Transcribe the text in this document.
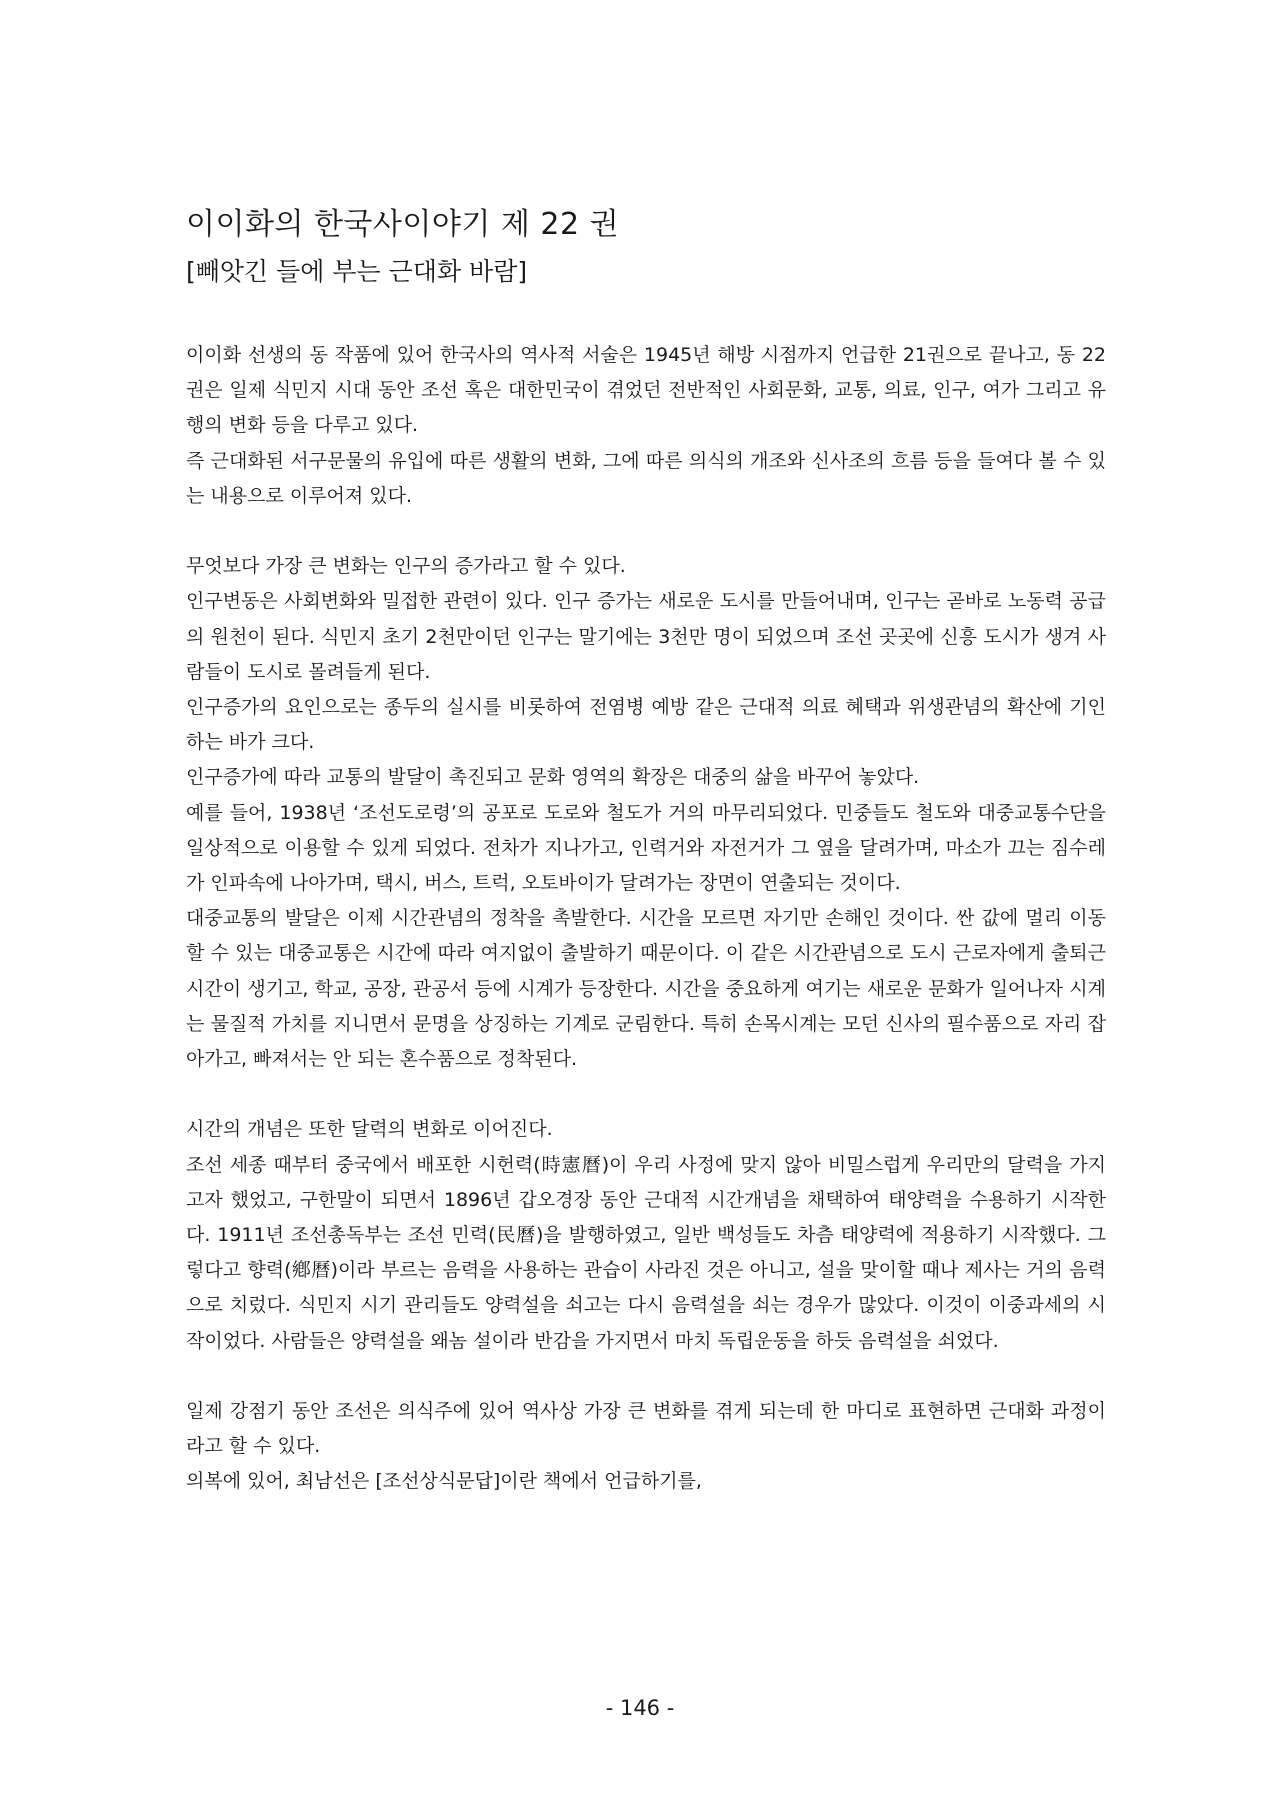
이이화의 한국사이야기 제 22 권
[빼앗긴 들에 부는 근대화 바람]

이이화 선생의 동 작품에 있어 한국사의 역사적 서술은 1945년 해방 시점까지 언급한 21권으로 끝나고, 동 22권은 일제 식민지 시대 동안 조선 혹은 대한민국이 겪었던 전반적인 사회문화, 교통, 의료, 인구, 여가 그리고 유행의 변화 등을 다루고 있다.

즉 근대화된 서구문물의 유입에 따른 생활의 변화, 그에 따른 의식의 개조와 신사조의 흐름 등을 들여다 볼 수 있는 내용으로 이루어져 있다.

무엇보다 가장 큰 변화는 인구의 증가라고 할 수 있다.

인구변동은 사회변화와 밀접한 관련이 있다. 인구 증가는 새로운 도시를 만들어내며, 인구는 곧바로 노동력 공급의 원천이 된다. 식민지 초기 2천만이던 인구는 말기에는 3천만 명이 되었으며 조선 곳곳에 신흥 도시가 생겨 사람들이 도시로 몰려들게 된다.

인구증가의 요인으로는 종두의 실시를 비롯하여 전염병 예방 같은 근대적 의료 혜택과 위생관념의 확산에 기인하는 바가 크다.

인구증가에 따라 교통의 발달이 촉진되고 문화 영역의 확장은 대중의 삶을 바꾸어 놓았다.

예를 들어, 1938년 ‘조선도로령’의 공포로 도로와 철도가 거의 마무리되었다. 민중들도 철도와 대중교통수단을 일상적으로 이용할 수 있게 되었다. 전차가 지나가고, 인력거와 자전거가 그 옆을 달려가며, 마소가 끄는 짐수레가 인파속에 나아가며, 택시, 버스, 트럭, 오토바이가 달려가는 장면이 연출되는 것이다.

대중교통의 발달은 이제 시간관념의 정착을 촉발한다. 시간을 모르면 자기만 손해인 것이다. 싼 값에 멀리 이동할 수 있는 대중교통은 시간에 따라 여지없이 출발하기 때문이다. 이 같은 시간관념으로 도시 근로자에게 출퇴근시간이 생기고, 학교, 공장, 관공서 등에 시계가 등장한다. 시간을 중요하게 여기는 새로운 문화가 일어나자 시계는 물질적 가치를 지니면서 문명을 상징하는 기계로 군림한다. 특히 손목시계는 모던 신사의 필수품으로 자리 잡아가고, 빠져서는 안 되는 혼수품으로 정착된다.

시간의 개념은 또한 달력의 변화로 이어진다.

조선 세종 때부터 중국에서 배포한 시헌력(時憲曆)이 우리 사정에 맞지 않아 비밀스럽게 우리만의 달력을 가지고자 했었고, 구한말이 되면서 1896년 갑오경장 동안 근대적 시간개념을 채택하여 태양력을 수용하기 시작한다. 1911년 조선총독부는 조선 민력(民曆)을 발행하였고, 일반 백성들도 차츰 태양력에 적용하기 시작했다. 그렇다고 향력(鄕曆)이라 부르는 음력을 사용하는 관습이 사라진 것은 아니고, 설을 맞이할 때나 제사는 거의 음력으로 치렀다. 식민지 시기 관리들도 양력설을 쇠고는 다시 음력설을 쇠는 경우가 많았다. 이것이 이중과세의 시작이었다. 사람들은 양력설을 왜놈 설이라 반감을 가지면서 마치 독립운동을 하듯 음력설을 쇠었다.

일제 강점기 동안 조선은 의식주에 있어 역사상 가장 큰 변화를 겪게 되는데 한 마디로 표현하면 근대화 과정이라고 할 수 있다.

의복에 있어, 최남선은 [조선상식문답]이란 책에서 언급하기를,

- 146 -
